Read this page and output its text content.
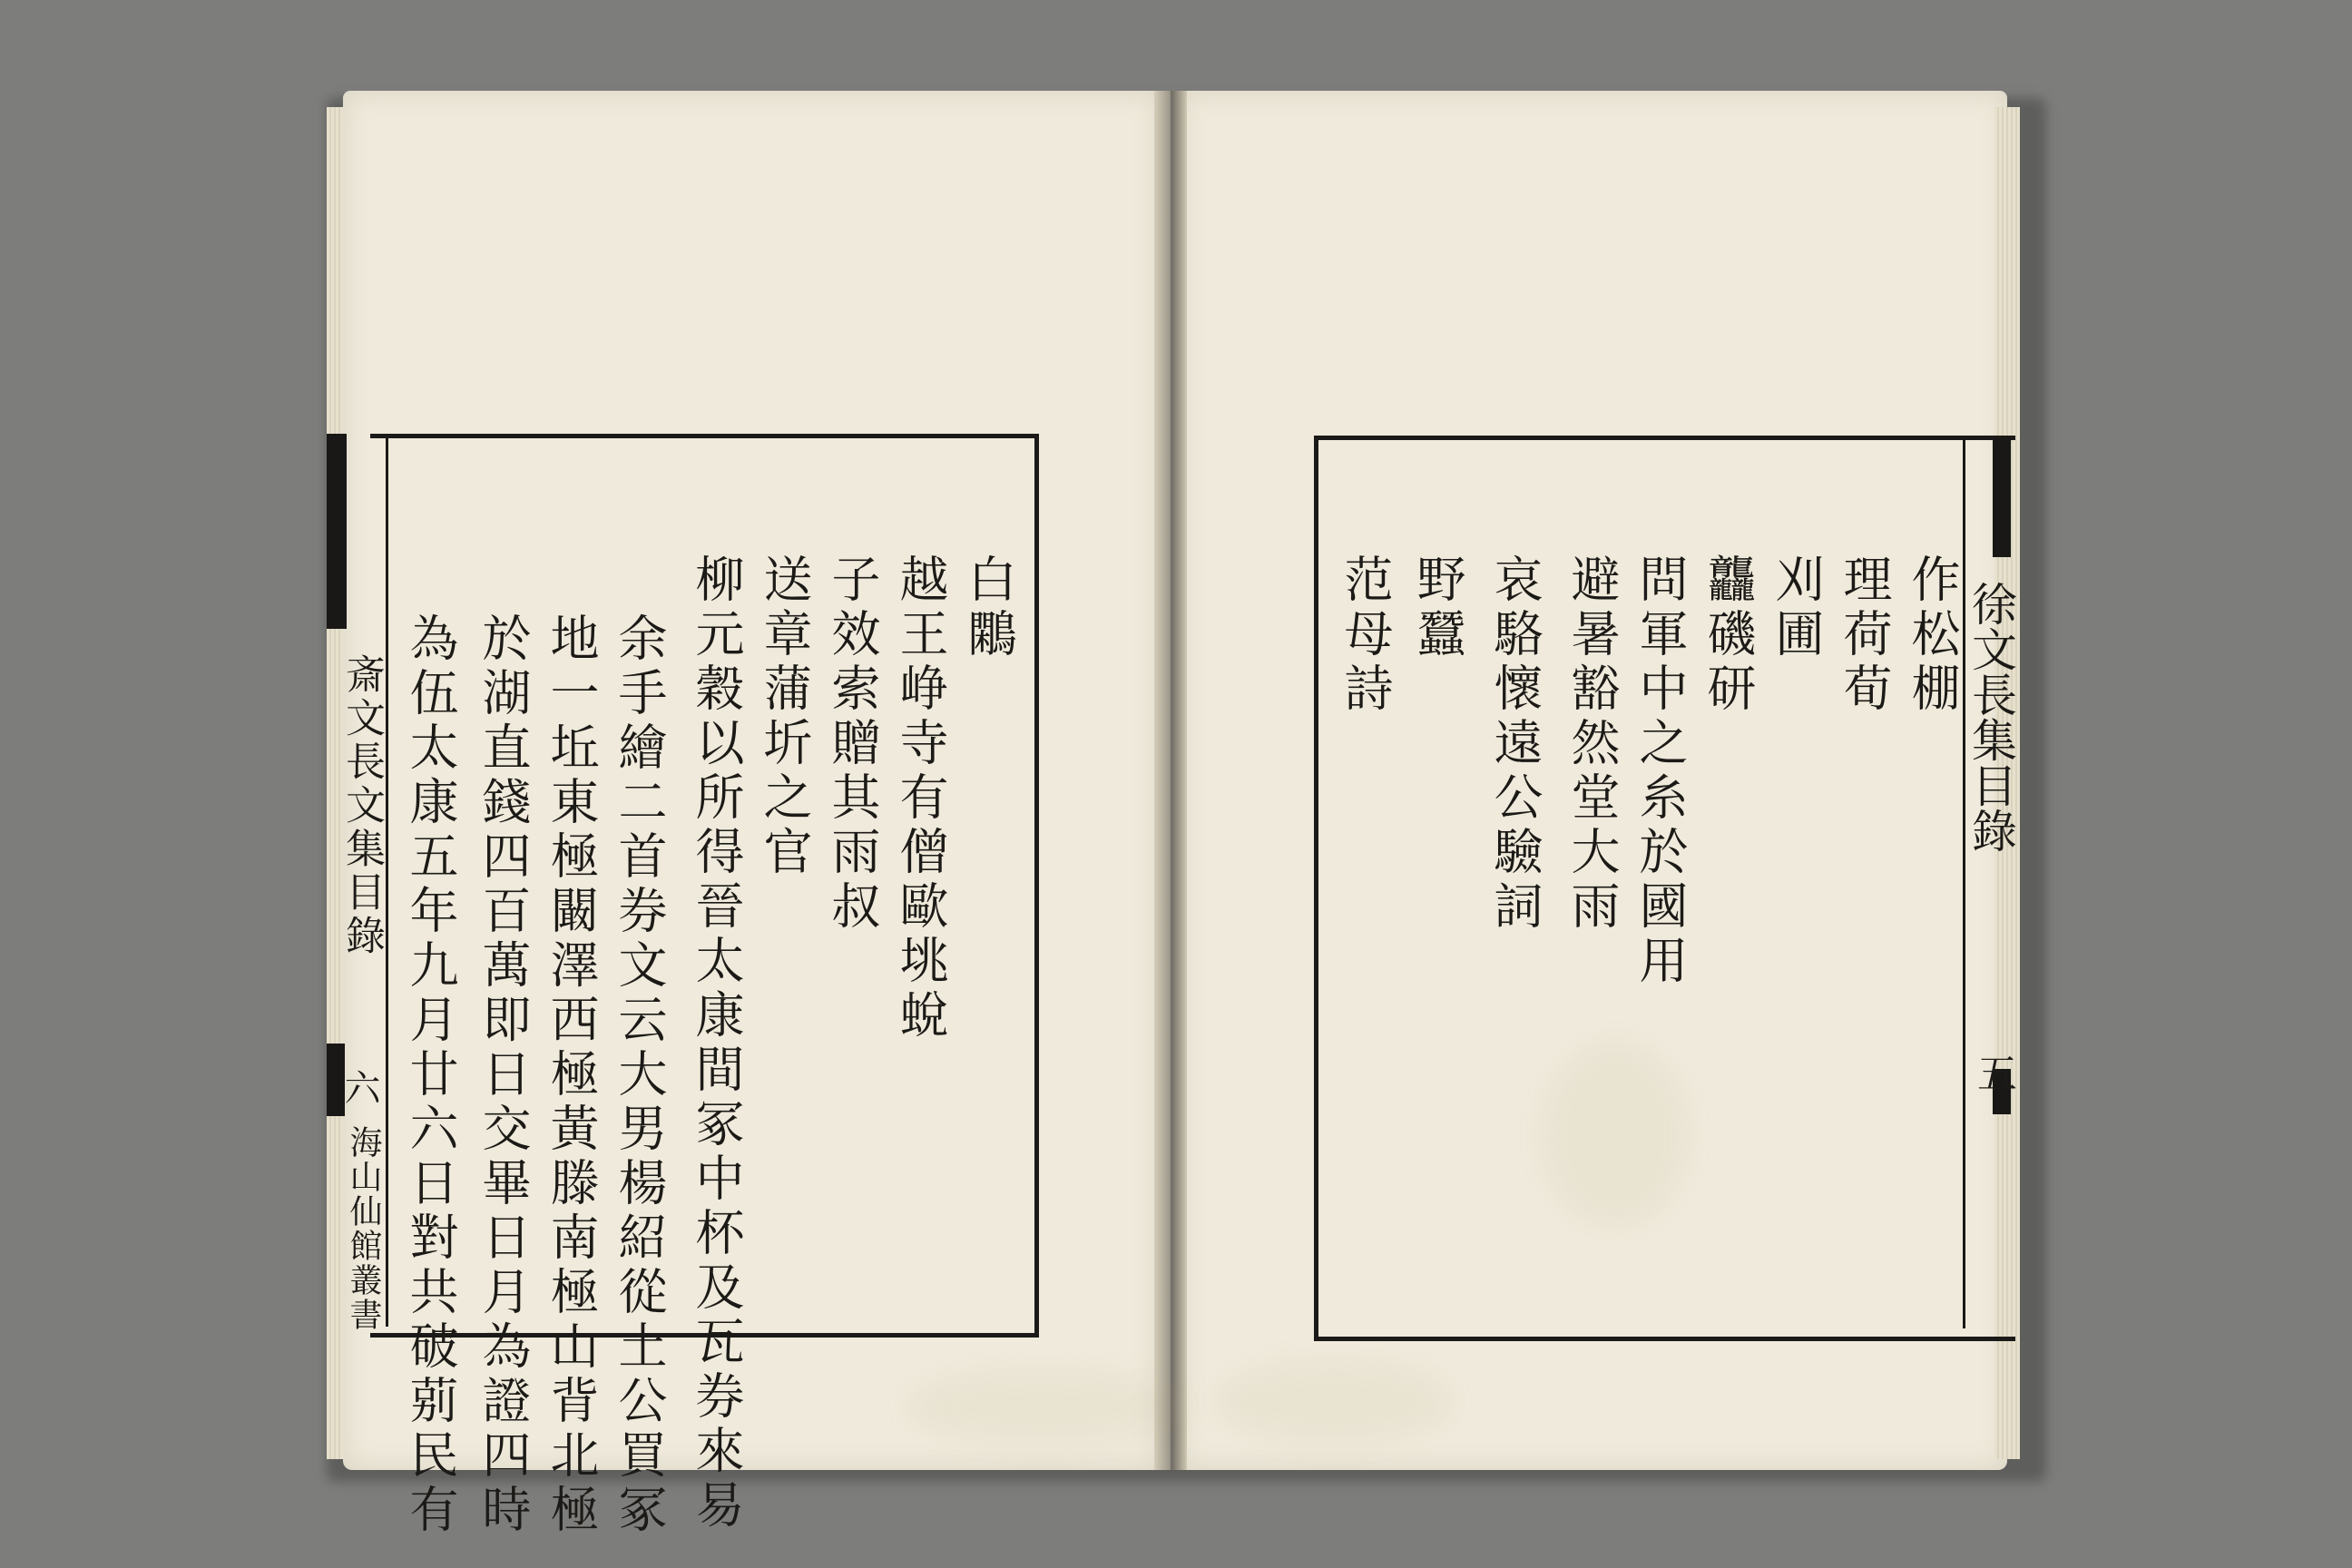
斎文長文集目錄
六
海山仙館叢書
白鷴
越王峥寺有僧歐垗蛻
子效索贈其雨叔
送章蒲圻之官
柳元穀以所得晉太康間冢中杯及瓦券來易
余手繪二首券文云大男楊紹從土公買冢
地一坵東極闞澤西極黃滕南極山背北極
於湖直錢四百萬即日交畢日月為證四時
為伍太康五年九月廿六日對共破莂民有	徐文長集目錄
五
作松棚
理荷荀
刈圃
龘磯研
問軍中之糸於國用
避暑豁然堂大雨
哀駱懷遠公驗詞
野蠶
范母詩
